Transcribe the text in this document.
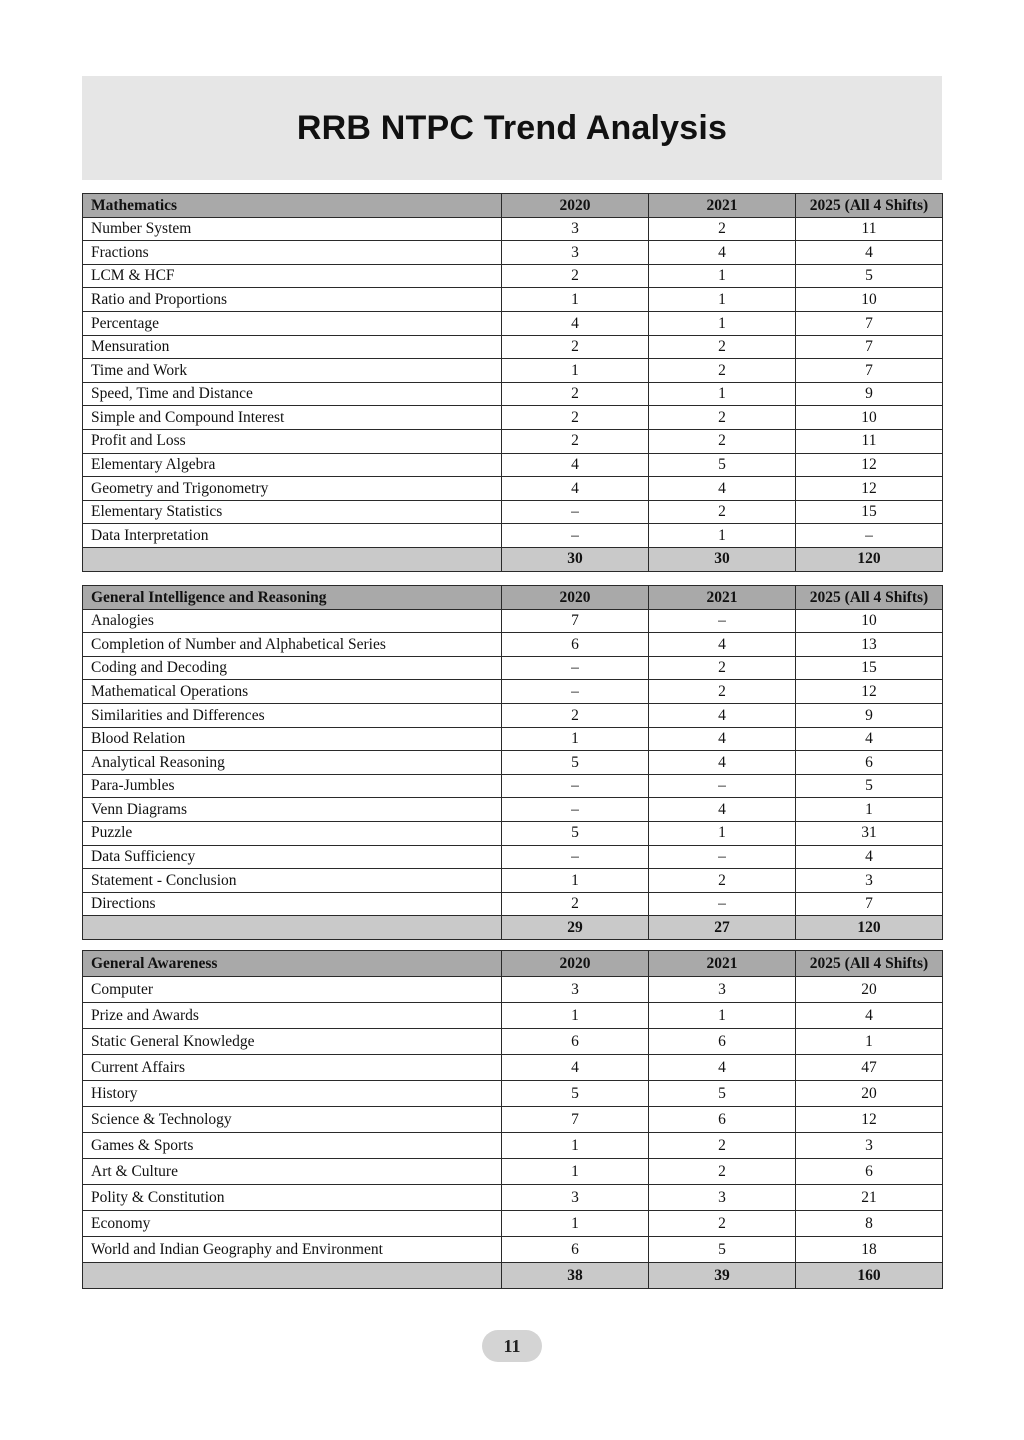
RRB NTPC Trend Analysis
Mathematics	2020	2021	2025 (All 4 Shifts)
Number System	3	2	11
Fractions	3	4	4
LCM & HCF	2	1	5
Ratio and Proportions	1	1	10
Percentage	4	1	7
Mensuration	2	2	7
Time and Work	1	2	7
Speed, Time and Distance	2	1	9
Simple and Compound Interest	2	2	10
Profit and Loss	2	2	11
Elementary Algebra	4	5	12
Geometry and Trigonometry	4	4	12
Elementary Statistics	–	2	15
Data Interpretation	–	1	–
	30	30	120
General Intelligence and Reasoning	2020	2021	2025 (All 4 Shifts)
Analogies	7	–	10
Completion of Number and Alphabetical Series	6	4	13
Coding and Decoding	–	2	15
Mathematical Operations	–	2	12
Similarities and Differences	2	4	9
Blood Relation	1	4	4
Analytical Reasoning	5	4	6
Para-Jumbles	–	–	5
Venn Diagrams	–	4	1
Puzzle	5	1	31
Data Sufficiency	–	–	4
Statement - Conclusion	1	2	3
Directions	2	–	7
	29	27	120
General Awareness	2020	2021	2025 (All 4 Shifts)
Computer	3	3	20
Prize and Awards	1	1	4
Static General Knowledge	6	6	1
Current Affairs	4	4	47
History	5	5	20
Science & Technology	7	6	12
Games & Sports	1	2	3
Art & Culture	1	2	6
Polity & Constitution	3	3	21
Economy	1	2	8
World and Indian Geography and Environment	6	5	18
	38	39	160
11
